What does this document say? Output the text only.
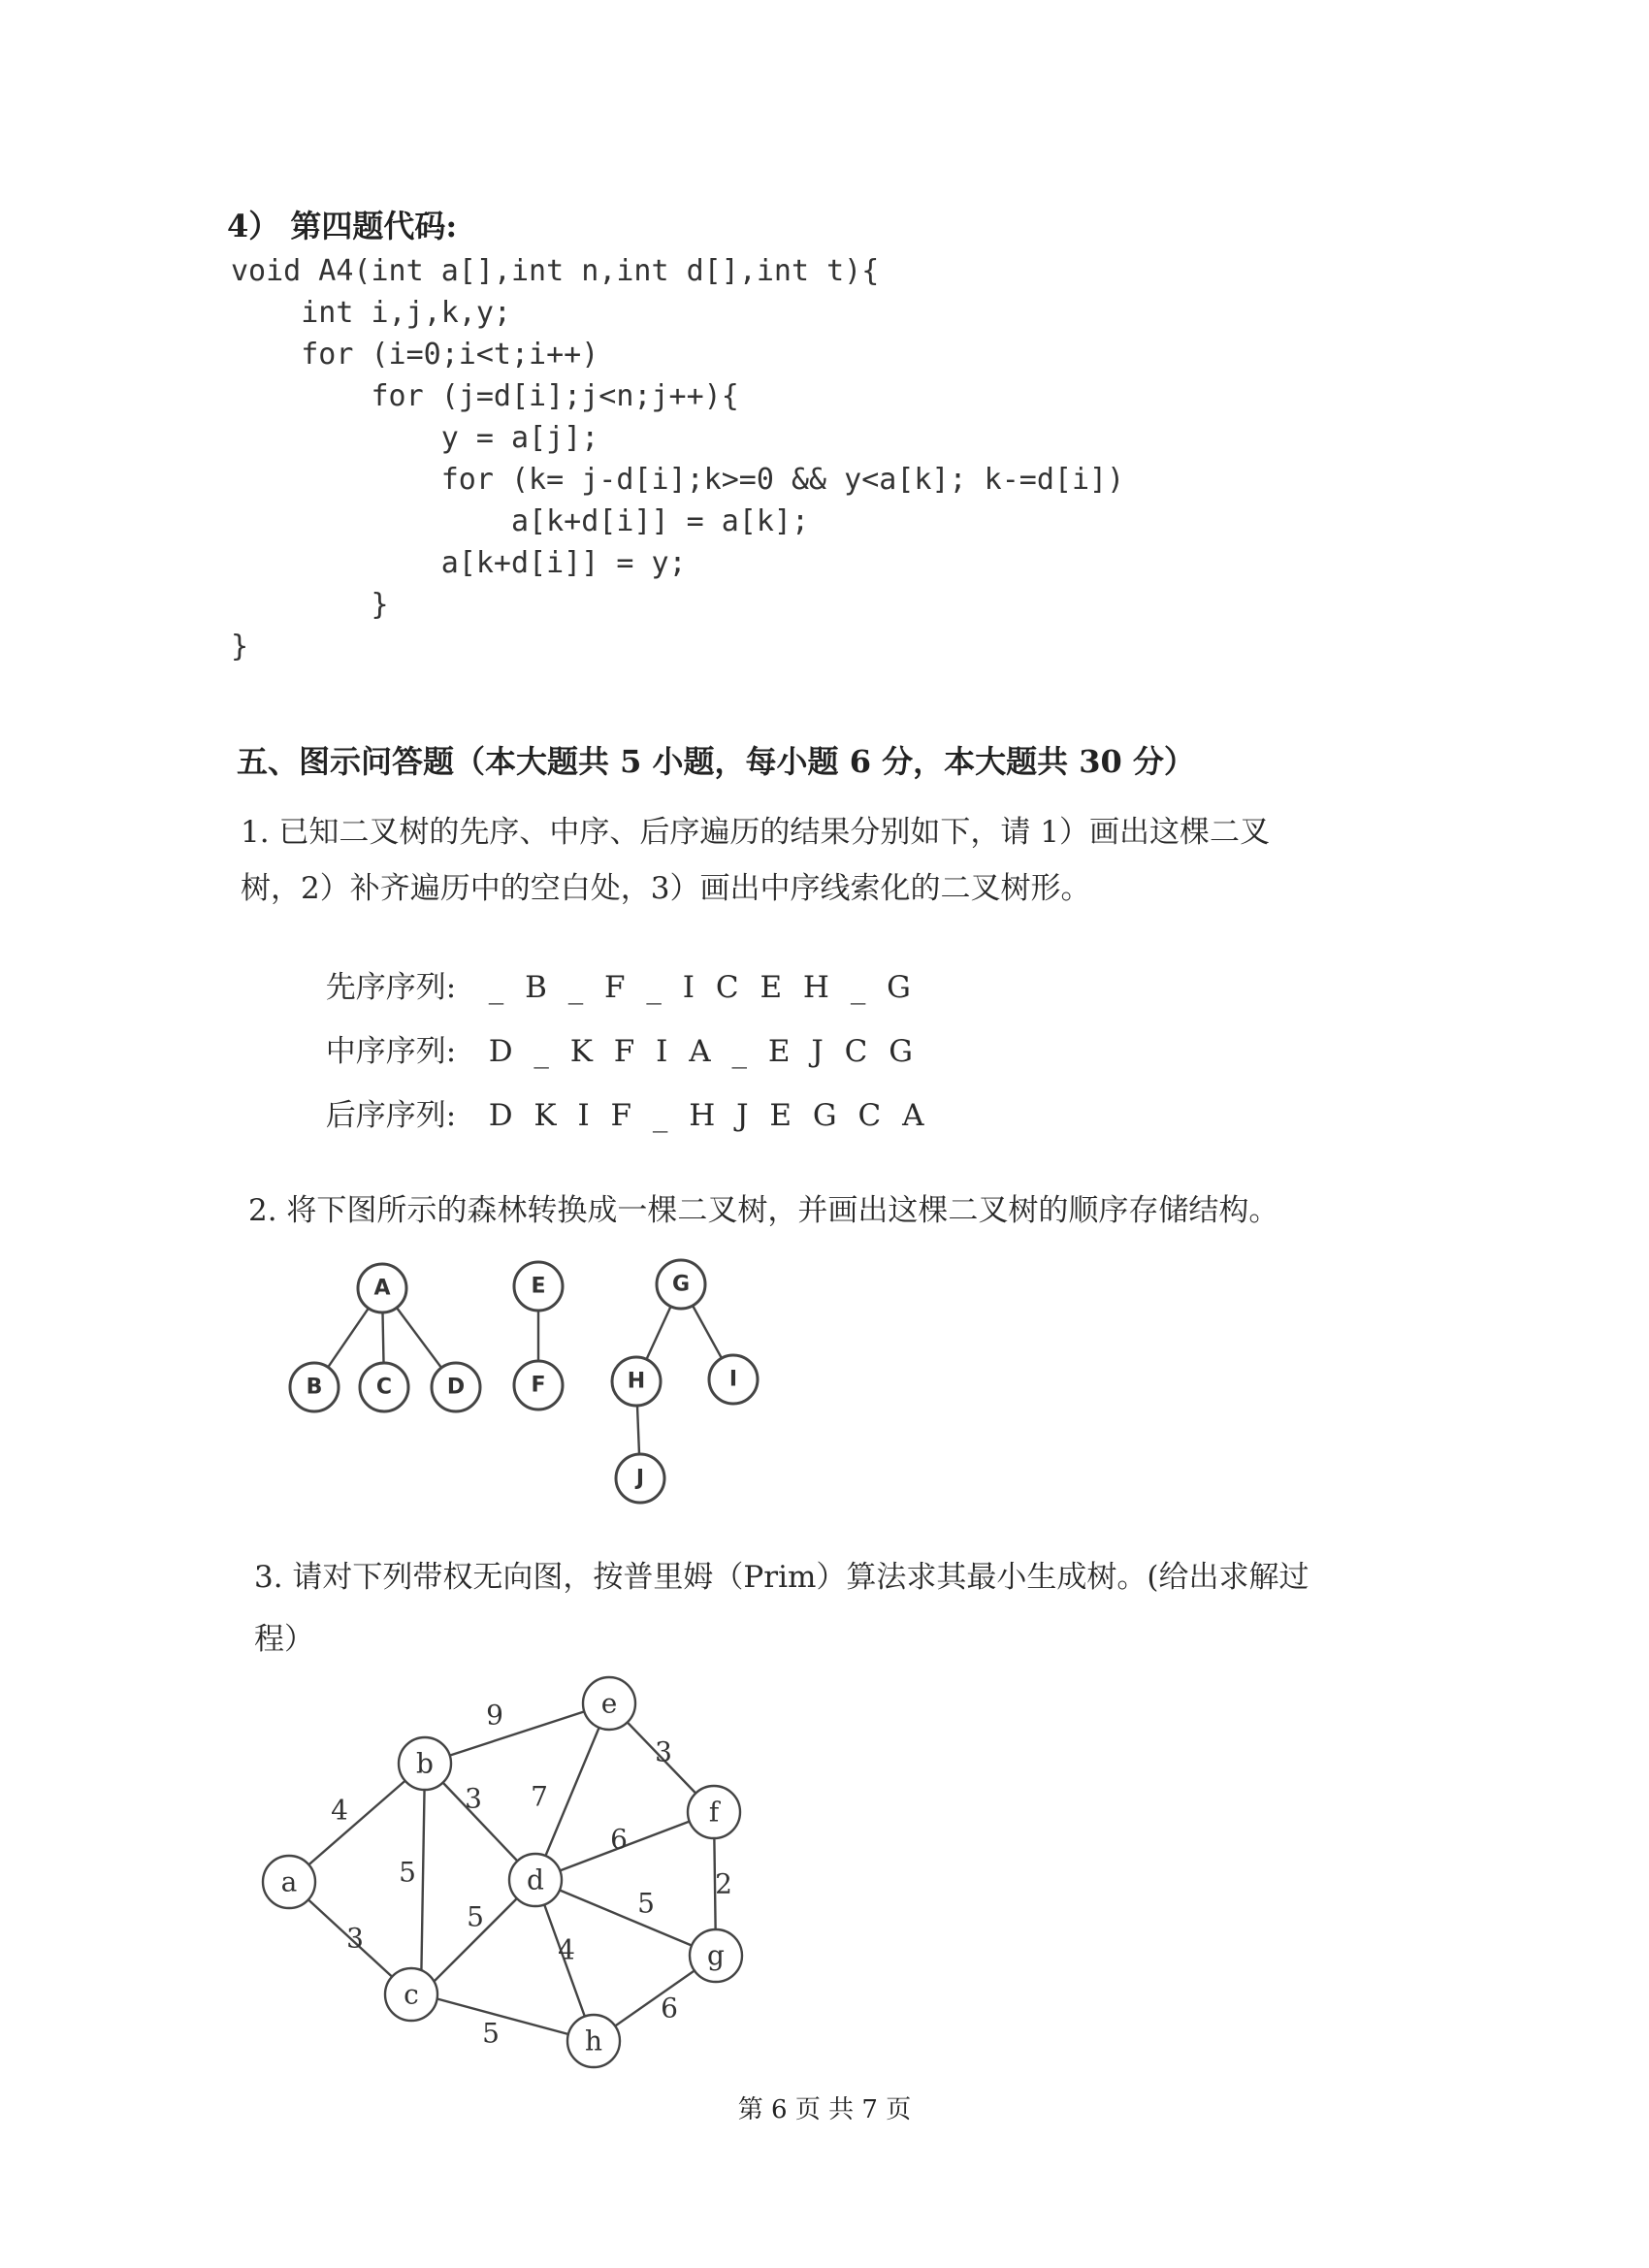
4） 第四题代码:
void A4(int a[],int n,int d[],int t){
int i,j,k,y;
for (i=0;i<t;i++)
for (j=d[i];j<n;j++){
y = a[j];
for (k= j-d[i];k>=0 && y<a[k]; k-=d[i])
a[k+d[i]] = a[k];
a[k+d[i]] = y;
}
}
五、图示问答题（本大题共 5 小题，每小题 6 分，本大题共 30 分）
1. 已知二叉树的先序、中序、后序遍历的结果分别如下，请 1）画出这棵二叉
树，2）补齐遍历中的空白处，3）画出中序线索化的二叉树形。

先序序列: _ B _ F _ I C E H _ G

中序序列: D _ K F I A _ E J C G

后序序列: D K I F _ H J E G C A

2. 将下图所示的森林转换成一棵二叉树，并画出这棵二叉树的顺序存储结构。
3. 请对下列带权无向图，按普里姆（Prim）算法求其最小生成树。(给出求解过
程）
A
B	C	D
E
F
G
H	I
J
4
3
5
9
3 7
3
6
5	5
2
4
5
6
a
b
c
d
e
f
g
h
第 6 页 共 7 页
